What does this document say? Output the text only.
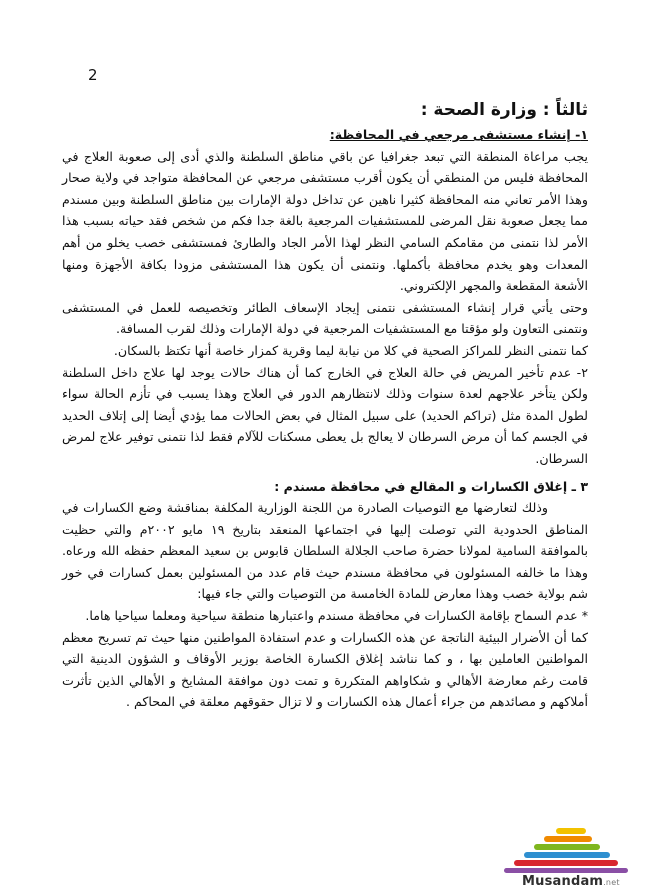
2

ثالثاً : وزارة الصحة :

١- إنشاء مستشفى مرجعي في المحافظة:

يجب مراعاة المنطقة التي تبعد جغرافيا عن باقي مناطق السلطنة والذي أدى إلى صعوبة العلاج في المحافظة فليس من المنطقي أن يكون أقرب مستشفى مرجعي عن المحافظة متواجد في ولاية صحار وهذا الأمر تعاني منه المحافظة كثيرا ناهين عن تداخل دولة الإمارات بين مناطق السلطنة وبين مسندم مما يجعل صعوبة نقل المرضى للمستشفيات المرجعية بالغة جدا فكم من شخص فقد حياته بسبب هذا الأمر لذا نتمنى من مقامكم السامي النظر لهذا الأمر الجاد والطارئ فمستشفى خصب يخلو من أهم المعدات وهو يخدم محافظة بأكملها. ونتمنى أن يكون هذا المستشفى مزودا بكافة الأجهزة ومنها الأشعة المقطعة والمجهر الإلكتروني.

وحتى يأتي قرار إنشاء المستشفى نتمنى إيجاد الإسعاف الطائر وتخصيصه للعمل في المستشفى ونتمنى التعاون ولو مؤقتا مع المستشفيات المرجعية في دولة الإمارات وذلك لقرب المسافة.

كما نتمنى النظر للمراكز الصحية في كلا من نيابة ليما وقرية كمزار خاصة أنها تكتظ بالسكان.

٢- عدم تأخير المريض في حالة العلاج في الخارج كما أن هناك حالات يوجد لها علاج داخل السلطنة ولكن يتأخر علاجهم لعدة سنوات وذلك لانتظارهم الدور في العلاج وهذا يسبب في تأزم الحالة سواء لطول المدة مثل (تراكم الحديد) على سبيل المثال في بعض الحالات مما يؤدي أيضا إلى إتلاف الحديد في الجسم كما أن مرض السرطان لا يعالج بل يعطى مسكنات للآلام فقط لذا نتمنى توفير علاج لمرض السرطان.

٣ ـ إغلاق الكسارات و المقالع في محافظة مسندم :

وذلك لتعارضها مع التوصيات الصادرة من اللجنة الوزارية المكلفة بمناقشة وضع الكسارات في المناطق الحدودية التي توصلت إليها في اجتماعها المنعقد بتاريخ ١٩ مايو ٢٠٠٢م والتي حظيت بالموافقة السامية لمولانا حضرة صاحب الجلالة السلطان قابوس بن سعيد المعظم حفظه الله ورعاه. وهذا ما خالفه المسئولون في محافظة مسندم حيث قام عدد من المسئولين بعمل كسارات في خور شم بولاية خصب وهذا معارض للمادة الخامسة من التوصيات والتي جاء فيها:

* عدم السماح بإقامة الكسارات في محافظة مسندم واعتبارها منطقة سياحية ومعلما سياحيا هاما.

كما أن الأضرار البيئية الناتجة عن هذه الكسارات و عدم استفادة المواطنين منها حيث تم تسريح معظم المواطنين العاملين بها ، و كما نناشد إغلاق الكسارة الخاصة بوزير الأوقاف و الشؤون الدينية التي قامت رغم معارضة الأهالي و شكاواهم المتكررة و تمت دون موافقة المشايخ و الأهالي الذين تأثرت أملاكهم و مصائدهم من جراء أعمال هذه الكسارات و لا تزال حقوقهم معلقة في المحاكم .

Musandam.net
